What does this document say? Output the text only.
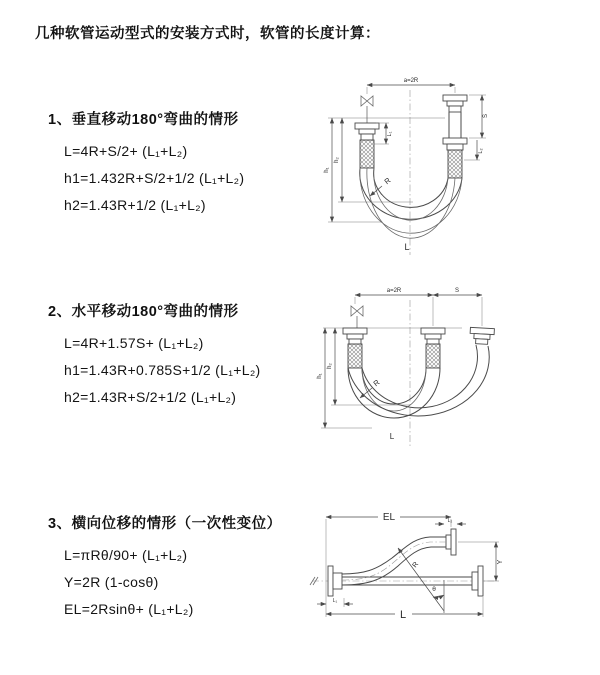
几种软管运动型式的安装方式时，软管的长度计算：
1、垂直移动180°弯曲的情形
L=4R+S/2+ (L₁+L₂)
h1=1.432R+S/2+1/2 (L₁+L₂)
h2=1.43R+1/2 (L₁+L₂)
2、水平移动180°弯曲的情形
L=4R+1.57S+ (L₁+L₂)
h1=1.43R+0.785S+1/2 (L₁+L₂)
h2=1.43R+S/2+1/2 (L₁+L₂)
3、横向位移的情形（一次性变位）
L=πRθ/90+ (L₁+L₂)
Y=2R (1-cosθ)
EL=2Rsinθ+ (L₁+L₂)
a=2R
L₁
S
L₂
h₁
h₂
R
L
a=2R	S
h₁
h₂
R
L
EL	L₂
Y
θ
R
L₁
L
